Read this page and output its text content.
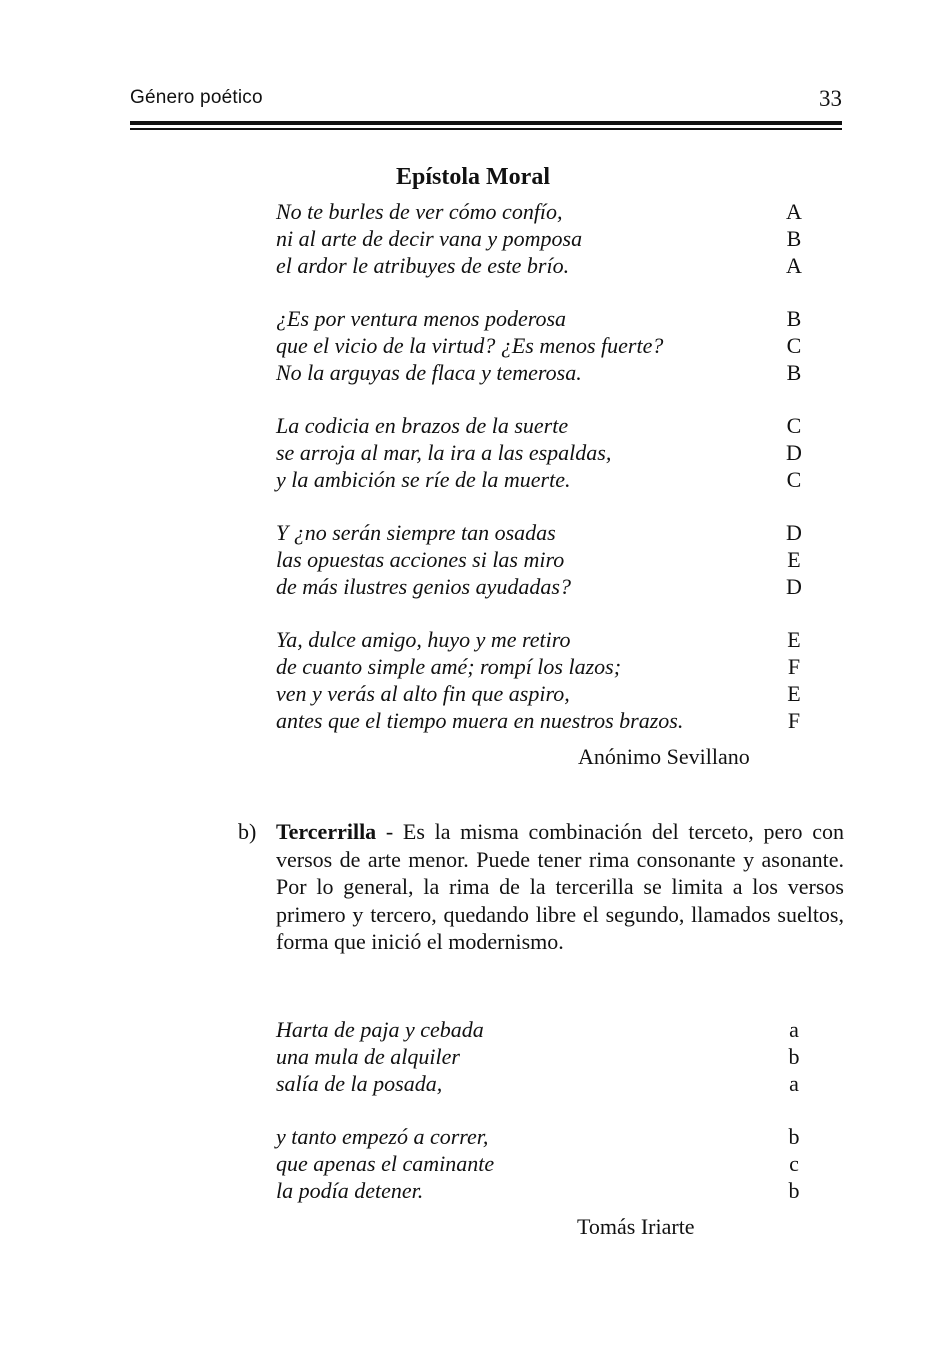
Género poético	33
Epístola Moral
No te burles de ver cómo confío,	A
ni al arte de decir vana y pomposa	B
el ardor le atribuyes de este brío.	A
¿Es por ventura menos poderosa	B
que el vicio de la virtud? ¿Es menos fuerte?	C
No la arguyas de flaca y temerosa.	B
La codicia en brazos de la suerte	C
se arroja al mar, la ira a las espaldas,	D
y la ambición se ríe de la muerte.	C
Y ¿no serán siempre tan osadas	D
las opuestas acciones si las miro	E
de más ilustres genios ayudadas?	D
Ya, dulce amigo, huyo y me retiro	E
de cuanto simple amé; rompí los lazos;	F
ven y verás al alto fin que aspiro,	E
antes que el tiempo muera en nuestros brazos.	F
Anónimo Sevillano
b) Tercerrilla - Es la misma combinación del terceto, pero con versos de arte menor. Puede tener rima consonante y asonante. Por lo general, la rima de la tercerilla se limita a los versos primero y tercero, quedando libre el segundo, llamados sueltos, forma que inició el modernismo.
Harta de paja y cebada	a
una mula de alquiler	b
salía de la posada,	a
y tanto empezó a correr,	b
que apenas el caminante	c
la podía detener.	b
Tomás Iriarte
